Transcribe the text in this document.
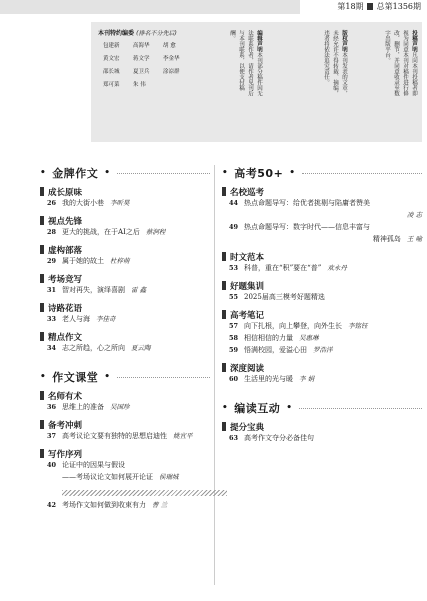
第18期 总第1356期
本刊特约编委 (排名不分先后)
包建新	高海华	胡 愈
黄文宏	蒋文学	李金华
邵长城	夏卫兵	涂凉群
郑可菜	朱 伟
投稿声明凡向本刊投稿者即视为同意本刊对稿件进行修改、删节，并同意收录至数字出版平台。
版权声明本刊发表的文章，未经允许不得转载、摘编，违者将依法追究责任。
编辑声明本刊部分稿件因无法联系作者，请作者见刊后与本刊联系，以便支付稿酬。
• 金牌作文 •
成长原味
26 我的大街小巷 李昕昊
视点先锋
28 更大的挑战，在于AI之后 蔡润程
虚构部落
29 属于她的故土 杜梓萌
考场竞写
31 智对再失，演绎喜剧 雷 鑫
诗路花语
33 老人与海 李佳奇
精点作文
34 志之所趋，心之所向 夏云陶
• 作文课堂 •
名师有术
36 思维上的准备 吴国珍
备考冲刺
37 高考议论文要有独特的思想启迪性 姚宜平
写作序列
40 论证中的因果与假设
——考场议论文如何展开论证 侯瑞城
42 考场作文如何做到收束有力 曹 兰
• 高考50+ •
名校巡考
44 热点命题导写：给优者挑剔与陷庸者赞美
凌 志
49 热点命题导写：数字时代——信息丰富与
精神孤岛 王 喻
时文范本
53 科普，重在“积”要在“普” 欢永丹
好题集训
55 2025届高三模考好题精选
高考笔记
57 向下扎根，向上攀登，向外生长 李铭钰
58 相信相信的力量 吴惠琳
59 悟满校园，爱溢心田 罗浩洋
深度阅读
60 生活里的光与暖 李 娟
• 编读互动 •
提分宝典
63 高考作文夺分必备佳句
